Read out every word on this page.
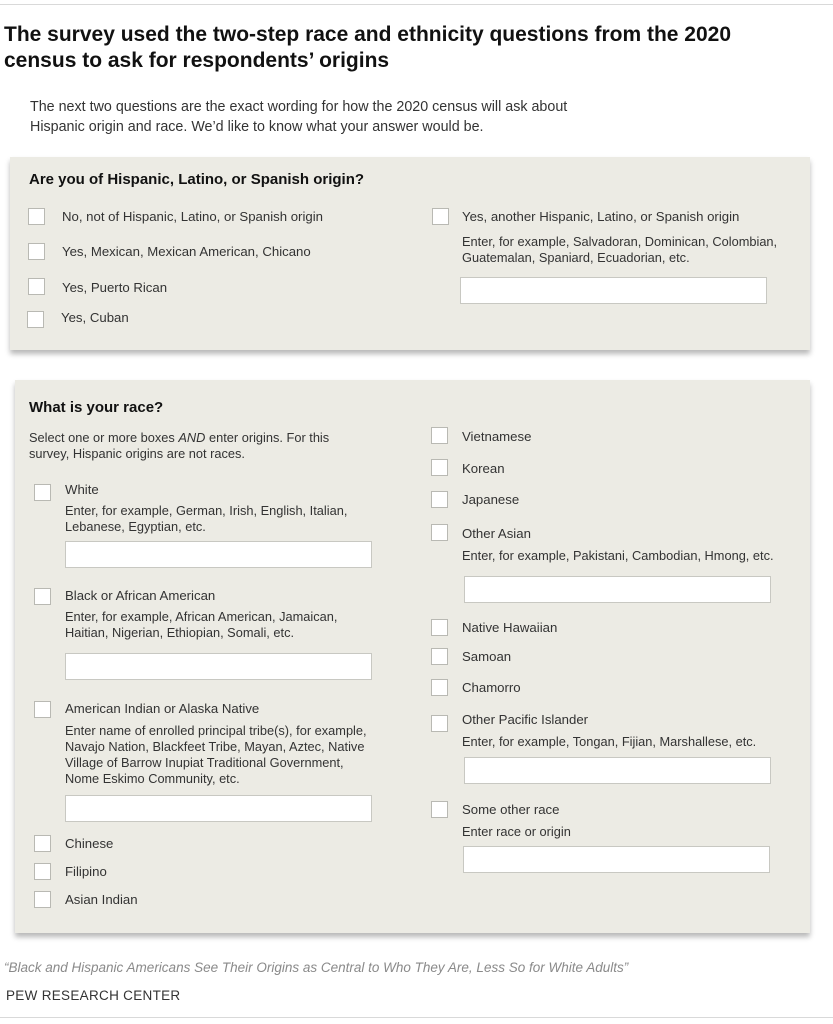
The survey used the two-step race and ethnicity questions from the 2020 census to ask for respondents’ origins
The next two questions are the exact wording for how the 2020 census will ask about Hispanic origin and race. We’d like to know what your answer would be.
Are you of Hispanic, Latino, or Spanish origin?
No, not of Hispanic, Latino, or Spanish origin
Yes, Mexican, Mexican American, Chicano
Yes, Puerto Rican
Yes, Cuban
Yes, another Hispanic, Latino, or Spanish origin
Enter, for example, Salvadoran, Dominican, Colombian, Guatemalan, Spaniard, Ecuadorian, etc.
What is your race?
Select one or more boxes AND enter origins. For this survey, Hispanic origins are not races.
White
Enter, for example, German, Irish, English, Italian, Lebanese, Egyptian, etc.
Black or African American
Enter, for example, African American, Jamaican, Haitian, Nigerian, Ethiopian, Somali, etc.
American Indian or Alaska Native
Enter name of enrolled principal tribe(s), for example, Navajo Nation, Blackfeet Tribe, Mayan, Aztec, Native Village of Barrow Inupiat Traditional Government, Nome Eskimo Community, etc.
Chinese
Filipino
Asian Indian
Vietnamese
Korean
Japanese
Other Asian
Enter, for example, Pakistani, Cambodian, Hmong, etc.
Native Hawaiian
Samoan
Chamorro
Other Pacific Islander
Enter, for example, Tongan, Fijian, Marshallese, etc.
Some other race
Enter race or origin
“Black and Hispanic Americans See Their Origins as Central to Who They Are, Less So for White Adults”
PEW RESEARCH CENTER
